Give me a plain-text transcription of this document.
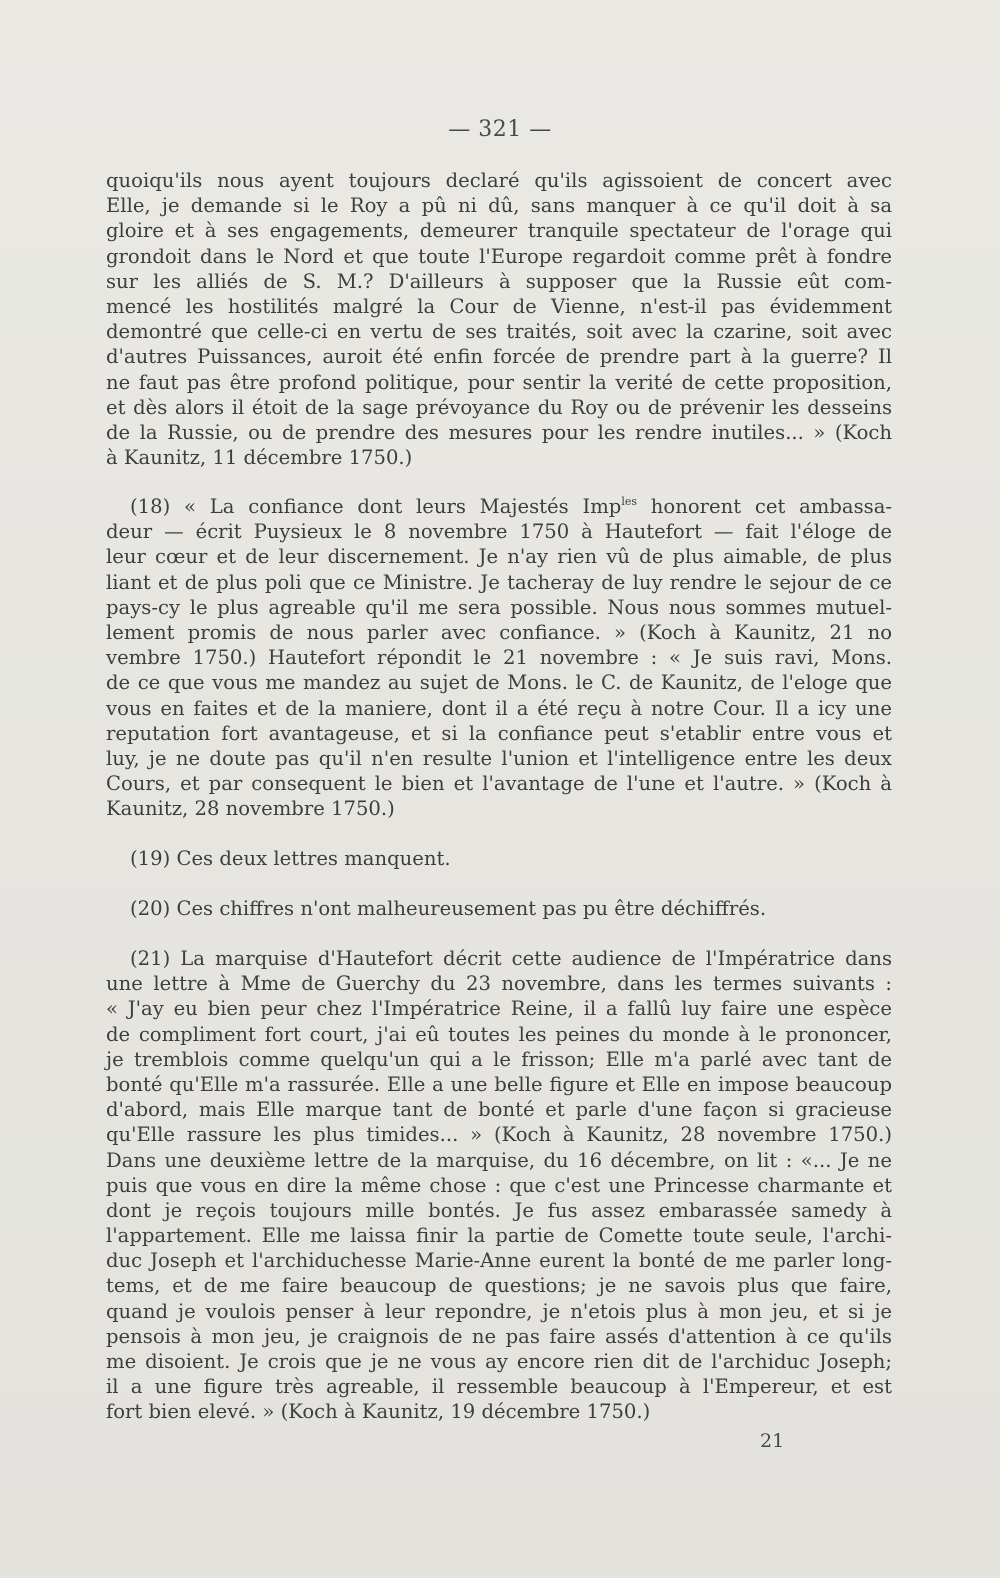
— 321 —
quoiqu'ils nous ayent toujours declaré qu'ils agissoient de concert avec
Elle, je demande si le Roy a pû ni dû, sans manquer à ce qu'il doit à sa
gloire et à ses engagements, demeurer tranquile spectateur de l'orage qui
grondoit dans le Nord et que toute l'Europe regardoit comme prêt à fondre
sur les alliés de S. M.? D'ailleurs à supposer que la Russie eût com-
mencé les hostilités malgré la Cour de Vienne, n'est-il pas évidemment
demontré que celle-ci en vertu de ses traités, soit avec la czarine, soit avec
d'autres Puissances, auroit été enfin forcée de prendre part à la guerre? Il
ne faut pas être profond politique, pour sentir la verité de cette proposition,
et dès alors il étoit de la sage prévoyance du Roy ou de prévenir les desseins
de la Russie, ou de prendre des mesures pour les rendre inutiles... » (Koch
à Kaunitz, 11 décembre 1750.)
(18) « La confiance dont leurs Majestés Imp$^{les}$ honorent cet ambassa-
deur — écrit Puysieux le 8 novembre 1750 à Hautefort — fait l'éloge de
leur cœur et de leur discernement. Je n'ay rien vû de plus aimable, de plus
liant et de plus poli que ce Ministre. Je tacheray de luy rendre le sejour de ce
pays-cy le plus agreable qu'il me sera possible. Nous nous sommes mutuel-
lement promis de nous parler avec confiance. » (Koch à Kaunitz, 21 no
vembre 1750.) Hautefort répondit le 21 novembre : « Je suis ravi, Mons.
de ce que vous me mandez au sujet de Mons. le C. de Kaunitz, de l'eloge que
vous en faites et de la maniere, dont il a été reçu à notre Cour. Il a icy une
reputation fort avantageuse, et si la confiance peut s'etablir entre vous et
luy, je ne doute pas qu'il n'en resulte l'union et l'intelligence entre les deux
Cours, et par consequent le bien et l'avantage de l'une et l'autre. » (Koch à
Kaunitz, 28 novembre 1750.)
(19) Ces deux lettres manquent.
(20) Ces chiffres n'ont malheureusement pas pu être déchiffrés.
(21) La marquise d'Hautefort décrit cette audience de l'Impératrice dans
une lettre à Mme de Guerchy du 23 novembre, dans les termes suivants :
« J'ay eu bien peur chez l'Impératrice Reine, il a fallû luy faire une espèce
de compliment fort court, j'ai eû toutes les peines du monde à le prononcer,
je tremblois comme quelqu'un qui a le frisson; Elle m'a parlé avec tant de
bonté qu'Elle m'a rassurée. Elle a une belle figure et Elle en impose beaucoup
d'abord, mais Elle marque tant de bonté et parle d'une façon si gracieuse
qu'Elle rassure les plus timides... » (Koch à Kaunitz, 28 novembre 1750.)
Dans une deuxième lettre de la marquise, du 16 décembre, on lit : «... Je ne
puis que vous en dire la même chose : que c'est une Princesse charmante et
dont je reçois toujours mille bontés. Je fus assez embarassée samedy à
l'appartement. Elle me laissa finir la partie de Comette toute seule, l'archi-
duc Joseph et l'archiduchesse Marie-Anne eurent la bonté de me parler long-
tems, et de me faire beaucoup de questions; je ne savois plus que faire,
quand je voulois penser à leur repondre, je n'etois plus à mon jeu, et si je
pensois à mon jeu, je craignois de ne pas faire assés d'attention à ce qu'ils
me disoient. Je crois que je ne vous ay encore rien dit de l'archiduc Joseph;
il a une figure très agreable, il ressemble beaucoup à l'Empereur, et est
fort bien elevé. » (Koch à Kaunitz, 19 décembre 1750.)
21
